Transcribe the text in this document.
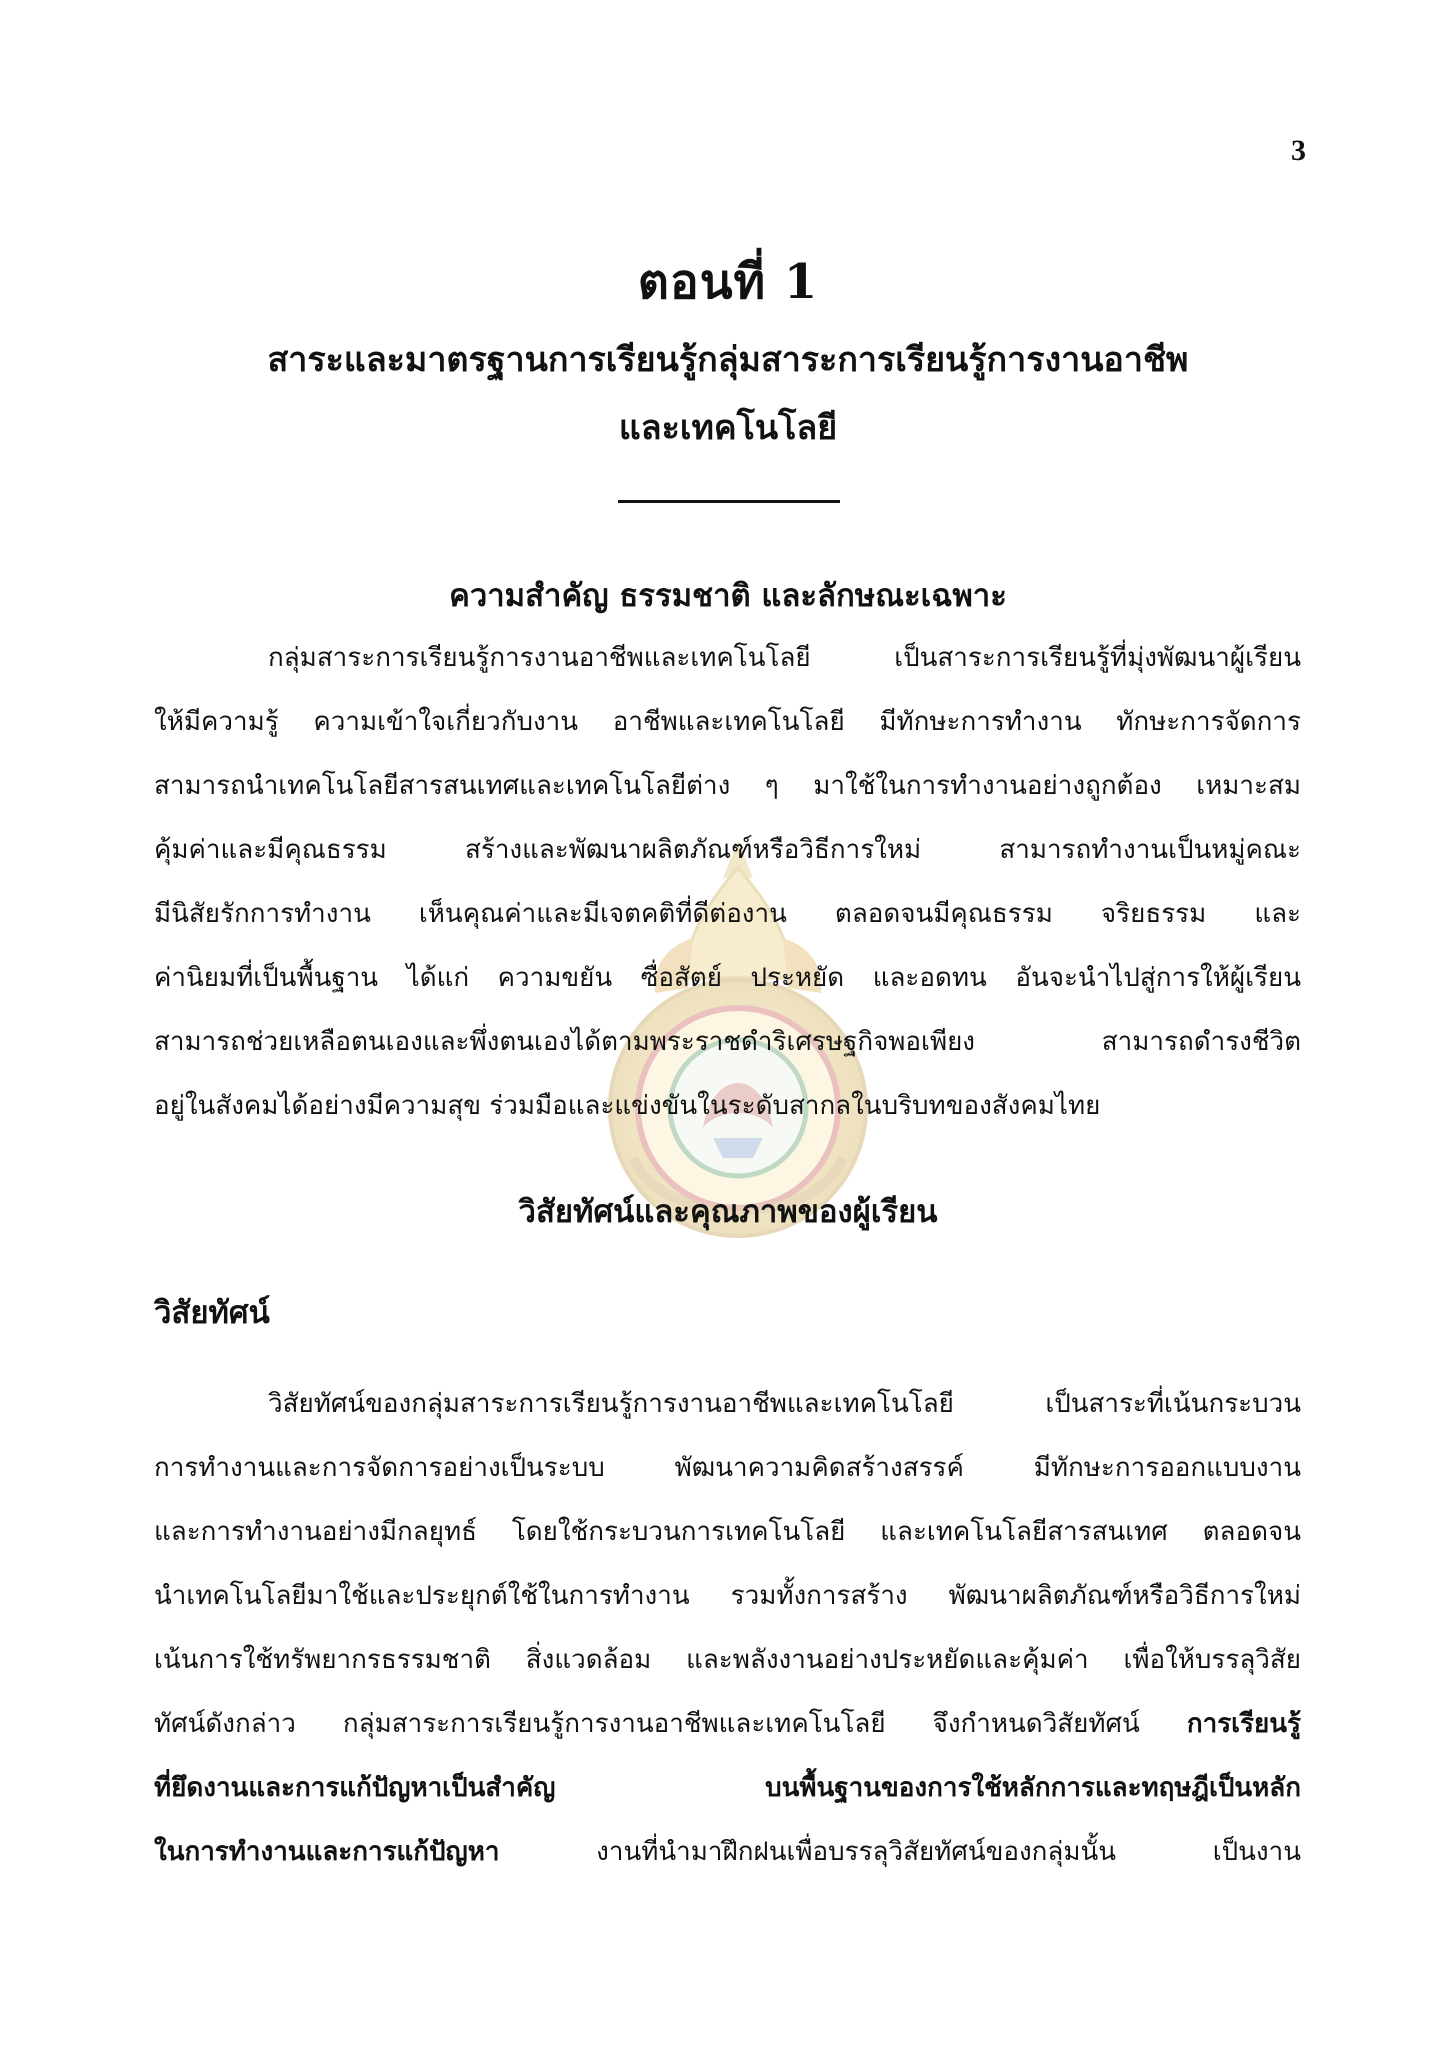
3
ตอนที่ 1
สาระและมาตรฐานการเรียนรู้กลุ่มสาระการเรียนรู้การงานอาชีพ
และเทคโนโลยี
ความสำคัญ ธรรมชาติ และลักษณะเฉพาะ
กลุ่มสาระการเรียนรู้การงานอาชีพและเทคโนโลยี เป็นสาระการเรียนรู้ที่มุ่งพัฒนาผู้เรียน
ให้มีความรู้ ความเข้าใจเกี่ยวกับงาน อาชีพและเทคโนโลยี มีทักษะการทำงาน ทักษะการจัดการ
สามารถนำเทคโนโลยีสารสนเทศและเทคโนโลยีต่าง ๆ มาใช้ในการทำงานอย่างถูกต้อง เหมาะสม
คุ้มค่าและมีคุณธรรม สร้างและพัฒนาผลิตภัณฑ์หรือวิธีการใหม่ สามารถทำงานเป็นหมู่คณะ
มีนิสัยรักการทำงาน เห็นคุณค่าและมีเจตคติที่ดีต่องาน ตลอดจนมีคุณธรรม จริยธรรม และ
ค่านิยมที่เป็นพื้นฐาน ได้แก่ ความขยัน ซื่อสัตย์ ประหยัด และอดทน อันจะนำไปสู่การให้ผู้เรียน
สามารถช่วยเหลือตนเองและพึ่งตนเองได้ตามพระราชดำริเศรษฐกิจพอเพียง สามารถดำรงชีวิต
อยู่ในสังคมได้อย่างมีความสุข ร่วมมือและแข่งขันในระดับสากลในบริบทของสังคมไทย
วิสัยทัศน์และคุณภาพของผู้เรียน
วิสัยทัศน์
วิสัยทัศน์ของกลุ่มสาระการเรียนรู้การงานอาชีพและเทคโนโลยี เป็นสาระที่เน้นกระบวน
การทำงานและการจัดการอย่างเป็นระบบ พัฒนาความคิดสร้างสรรค์ มีทักษะการออกแบบงาน
และการทำงานอย่างมีกลยุทธ์ โดยใช้กระบวนการเทคโนโลยี และเทคโนโลยีสารสนเทศ ตลอดจน
นำเทคโนโลยีมาใช้และประยุกต์ใช้ในการทำงาน รวมทั้งการสร้าง พัฒนาผลิตภัณฑ์หรือวิธีการใหม่
เน้นการใช้ทรัพยากรธรรมชาติ สิ่งแวดล้อม และพลังงานอย่างประหยัดและคุ้มค่า เพื่อให้บรรลุวิสัย
ทัศน์ดังกล่าว กลุ่มสาระการเรียนรู้การงานอาชีพและเทคโนโลยี จึงกำหนดวิสัยทัศน์ การเรียนรู้
ที่ยึดงานและการแก้ปัญหาเป็นสำคัญ บนพื้นฐานของการใช้หลักการและทฤษฎีเป็นหลัก
ในการทำงานและการแก้ปัญหา งานที่นำมาฝึกฝนเพื่อบรรลุวิสัยทัศน์ของกลุ่มนั้น เป็นงาน
